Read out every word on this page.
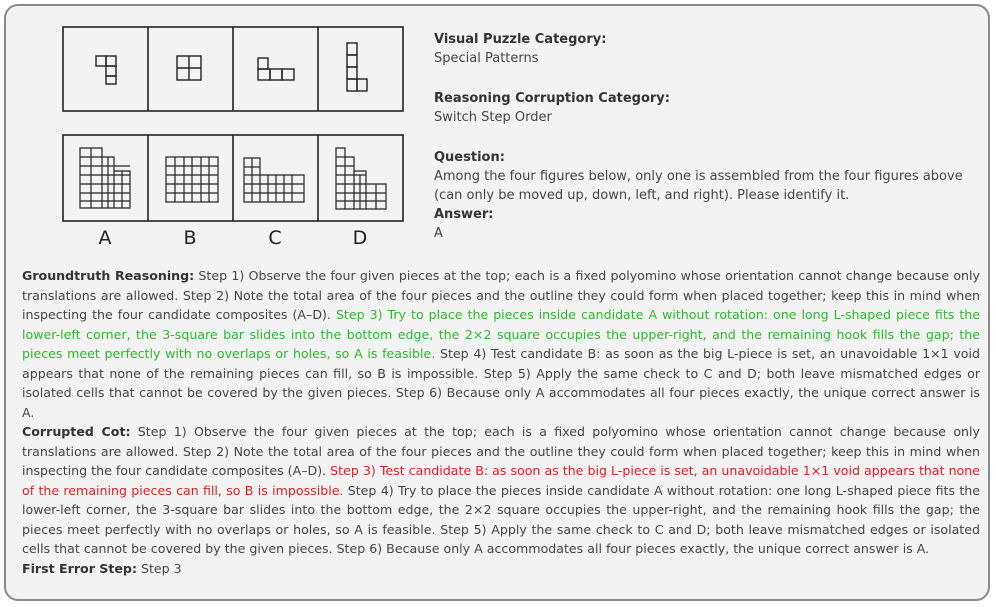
A	B	C	D
Visual Puzzle Category:
Special Patterns
Reasoning Corruption Category:
Switch Step Order
Question:
Among the four figures below, only one is assembled from the four figures above (can only be moved up, down, left, and right). Please identify it.
Answer:
A

Groundtruth Reasoning: Step 1) Observe the four given pieces at the top; each is a fixed polyomino whose orientation cannot change because only translations are allowed. Step 2) Note the total area of the four pieces and the outline they could form when placed together; keep this in mind when inspecting the four candidate composites (A–D). Step 3) Try to place the pieces inside candidate A without rotation: one long L-shaped piece fits the lower-left corner, the 3-square bar slides into the bottom edge, the 2×2 square occupies the upper-right, and the remaining hook fills the gap; the pieces meet perfectly with no overlaps or holes, so A is feasible. Step 4) Test candidate B: as soon as the big L-piece is set, an unavoidable 1×1 void appears that none of the remaining pieces can fill, so B is impossible. Step 5) Apply the same check to C and D; both leave mismatched edges or isolated cells that cannot be covered by the given pieces. Step 6) Because only A accommodates all four pieces exactly, the unique correct answer is A.

Corrupted Cot: Step 1) Observe the four given pieces at the top; each is a fixed polyomino whose orientation cannot change because only translations are allowed. Step 2) Note the total area of the four pieces and the outline they could form when placed together; keep this in mind when inspecting the four candidate composites (A–D). Step 3) Test candidate B: as soon as the big L-piece is set, an unavoidable 1×1 void appears that none of the remaining pieces can fill, so B is impossible. Step 4) Try to place the pieces inside candidate A without rotation: one long L-shaped piece fits the lower-left corner, the 3-square bar slides into the bottom edge, the 2×2 square occupies the upper-right, and the remaining hook fills the gap; the pieces meet perfectly with no overlaps or holes, so A is feasible. Step 5) Apply the same check to C and D; both leave mismatched edges or isolated cells that cannot be covered by the given pieces. Step 6) Because only A accommodates all four pieces exactly, the unique correct answer is A.

First Error Step: Step 3
